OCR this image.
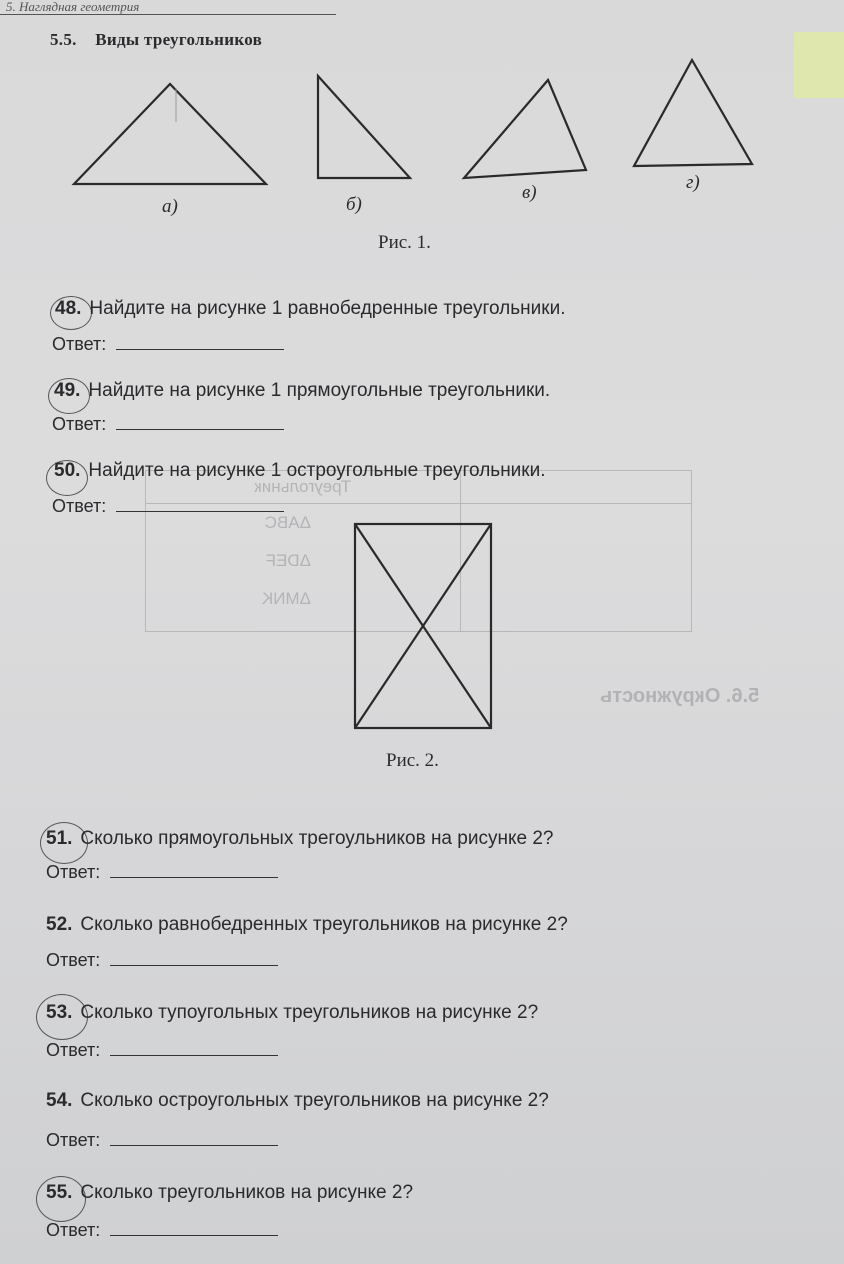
5. Наглядная геометрия
5.6. Окружность
Треугольник
ΔABC
ΔDEF
ΔMNK
5.5. Виды треугольников
а)	б)
в)	г)
Рис. 1.
48. Найдите на рисунке 1 равнобедренные треугольники.
Ответ:
49. Найдите на рисунке 1 прямоугольные треугольники.
Ответ:
50. Найдите на рисунке 1 остроугольные треугольники.
Ответ:
Рис. 2.
51. Сколько прямоугольных трегоульников на рисунке 2?
Ответ:
52. Сколько равнобедренных треугольников на рисунке 2?
Ответ:
53. Сколько тупоугольных треугольников на рисунке 2?
Ответ:
54. Сколько остроугольных треугольников на рисунке 2?
Ответ:
55. Сколько треугольников на рисунке 2?
Ответ:
